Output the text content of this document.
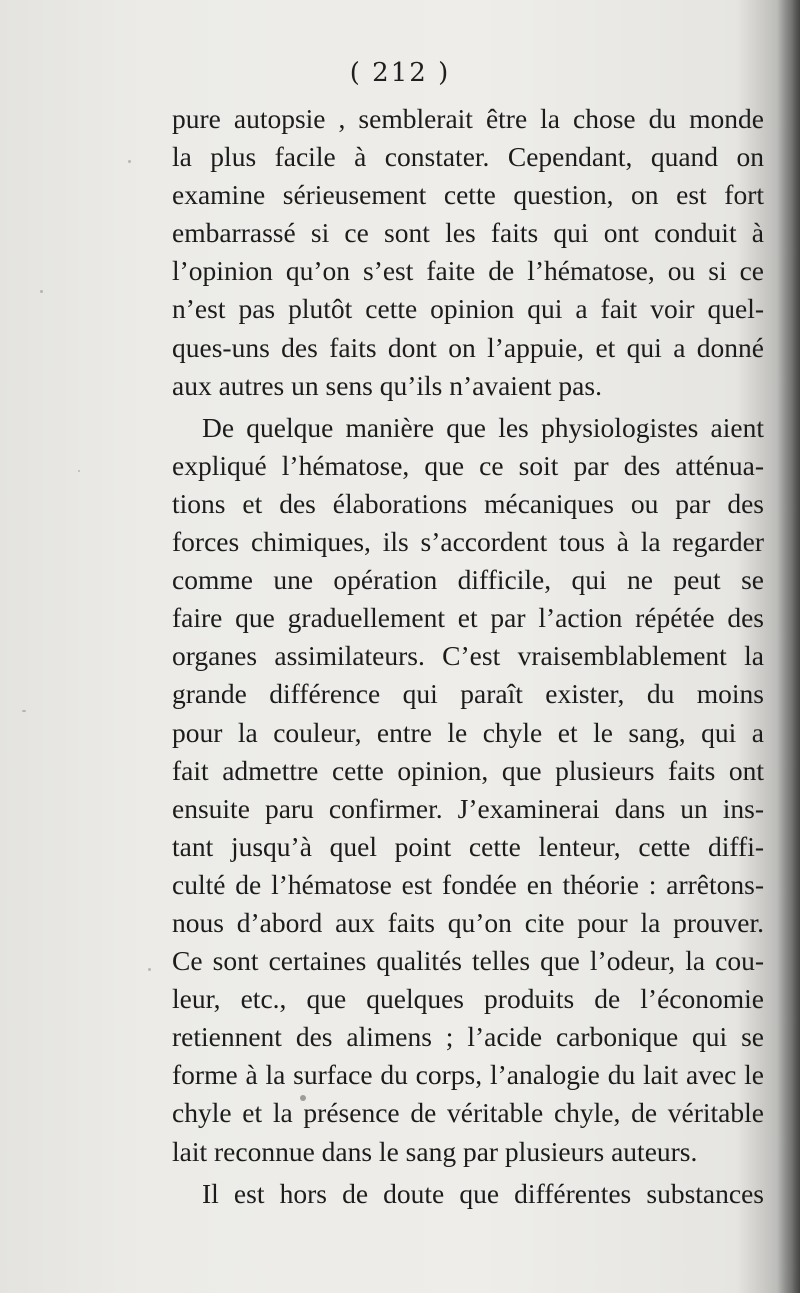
( 212 )
pure autopsie , semblerait être la chose du monde
la plus facile à constater. Cependant, quand on
examine sérieusement cette question, on est fort
embarrassé si ce sont les faits qui ont conduit à
l’opinion qu’on s’est faite de l’hématose, ou si ce
n’est pas plutôt cette opinion qui a fait voir quel-
ques-uns des faits dont on l’appuie, et qui a donné
aux autres un sens qu’ils n’avaient pas.
De quelque manière que les physiologistes aient
expliqué l’hématose, que ce soit par des atténua-
tions et des élaborations mécaniques ou par des
forces chimiques, ils s’accordent tous à la regarder
comme une opération difficile, qui ne peut se
faire que graduellement et par l’action répétée des
organes assimilateurs. C’est vraisemblablement la
grande différence qui paraît exister, du moins
pour la couleur, entre le chyle et le sang, qui a
fait admettre cette opinion, que plusieurs faits ont
ensuite paru confirmer. J’examinerai dans un ins-
tant jusqu’à quel point cette lenteur, cette diffi-
culté de l’hématose est fondée en théorie : arrêtons-
nous d’abord aux faits qu’on cite pour la prouver.
Ce sont certaines qualités telles que l’odeur, la cou-
leur, etc., que quelques produits de l’économie
retiennent des alimens ; l’acide carbonique qui se
forme à la surface du corps, l’analogie du lait avec le
chyle et la présence de véritable chyle, de véritable
lait reconnue dans le sang par plusieurs auteurs.
Il est hors de doute que différentes substances
